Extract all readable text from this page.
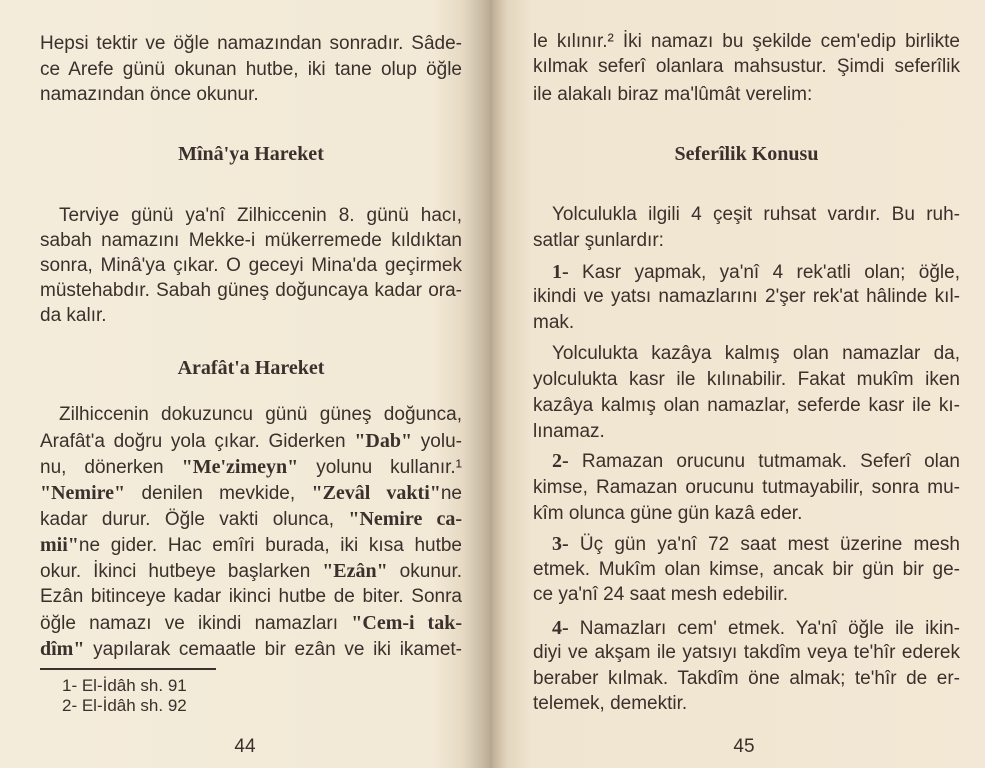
Hepsi tektir ve öğle namazından sonradır. Sâde-
ce Arefe günü okunan hutbe, iki tane olup öğle
namazından önce okunur.
Mînâ'ya Hareket
 Terviye günü ya'nî Zilhiccenin 8. günü hacı,
sabah namazını Mekke-i mükerremede kıldıktan
sonra, Minâ'ya çıkar. O geceyi Mina'da geçirmek
müstehabdır. Sabah güneş doğuncaya kadar ora-
da kalır.
Arafât'a Hareket
 Zilhiccenin dokuzuncu günü güneş doğunca,
Arafât'a doğru yola çıkar. Giderken "Dab" yolu-
nu, dönerken "Me'zimeyn" yolunu kullanır.¹
"Nemire" denilen mevkide, "Zevâl vakti"ne
kadar durur. Öğle vakti olunca, "Nemire ca-
mii"ne gider. Hac emîri burada, iki kısa hutbe
okur. İkinci hutbeye başlarken "Ezân" okunur.
Ezân bitinceye kadar ikinci hutbe de biter. Sonra
öğle namazı ve ikindi namazları "Cem-i tak-
dîm" yapılarak cemaatle bir ezân ve iki ikamet-
1- El-İdâh sh. 91
2- El-İdâh sh. 92
44
le kılınır.² İki namazı bu şekilde cem'edip birlikte
kılmak seferî olanlara mahsustur. Şimdi seferîlik
ile alakalı biraz ma'lûmât verelim:
Seferîlik Konusu
 Yolculukla ilgili 4 çeşit ruhsat vardır. Bu ruh-
satlar şunlardır:
 1- Kasr yapmak, ya'nî 4 rek'atli olan; öğle,
ikindi ve yatsı namazlarını 2'şer rek'at hâlinde kıl-
mak.
 Yolculukta kazâya kalmış olan namazlar da,
yolculukta kasr ile kılınabilir. Fakat mukîm iken
kazâya kalmış olan namazlar, seferde kasr ile kı-
lınamaz.
 2- Ramazan orucunu tutmamak. Seferî olan
kimse, Ramazan orucunu tutmayabilir, sonra mu-
kîm olunca güne gün kazâ eder.
 3- Üç gün ya'nî 72 saat mest üzerine mesh
etmek. Mukîm olan kimse, ancak bir gün bir ge-
ce ya'nî 24 saat mesh edebilir.
 4- Namazları cem' etmek. Ya'nî öğle ile ikin-
diyi ve akşam ile yatsıyı takdîm veya te'hîr ederek
beraber kılmak. Takdîm öne almak; te'hîr de er-
telemek, demektir.
45
